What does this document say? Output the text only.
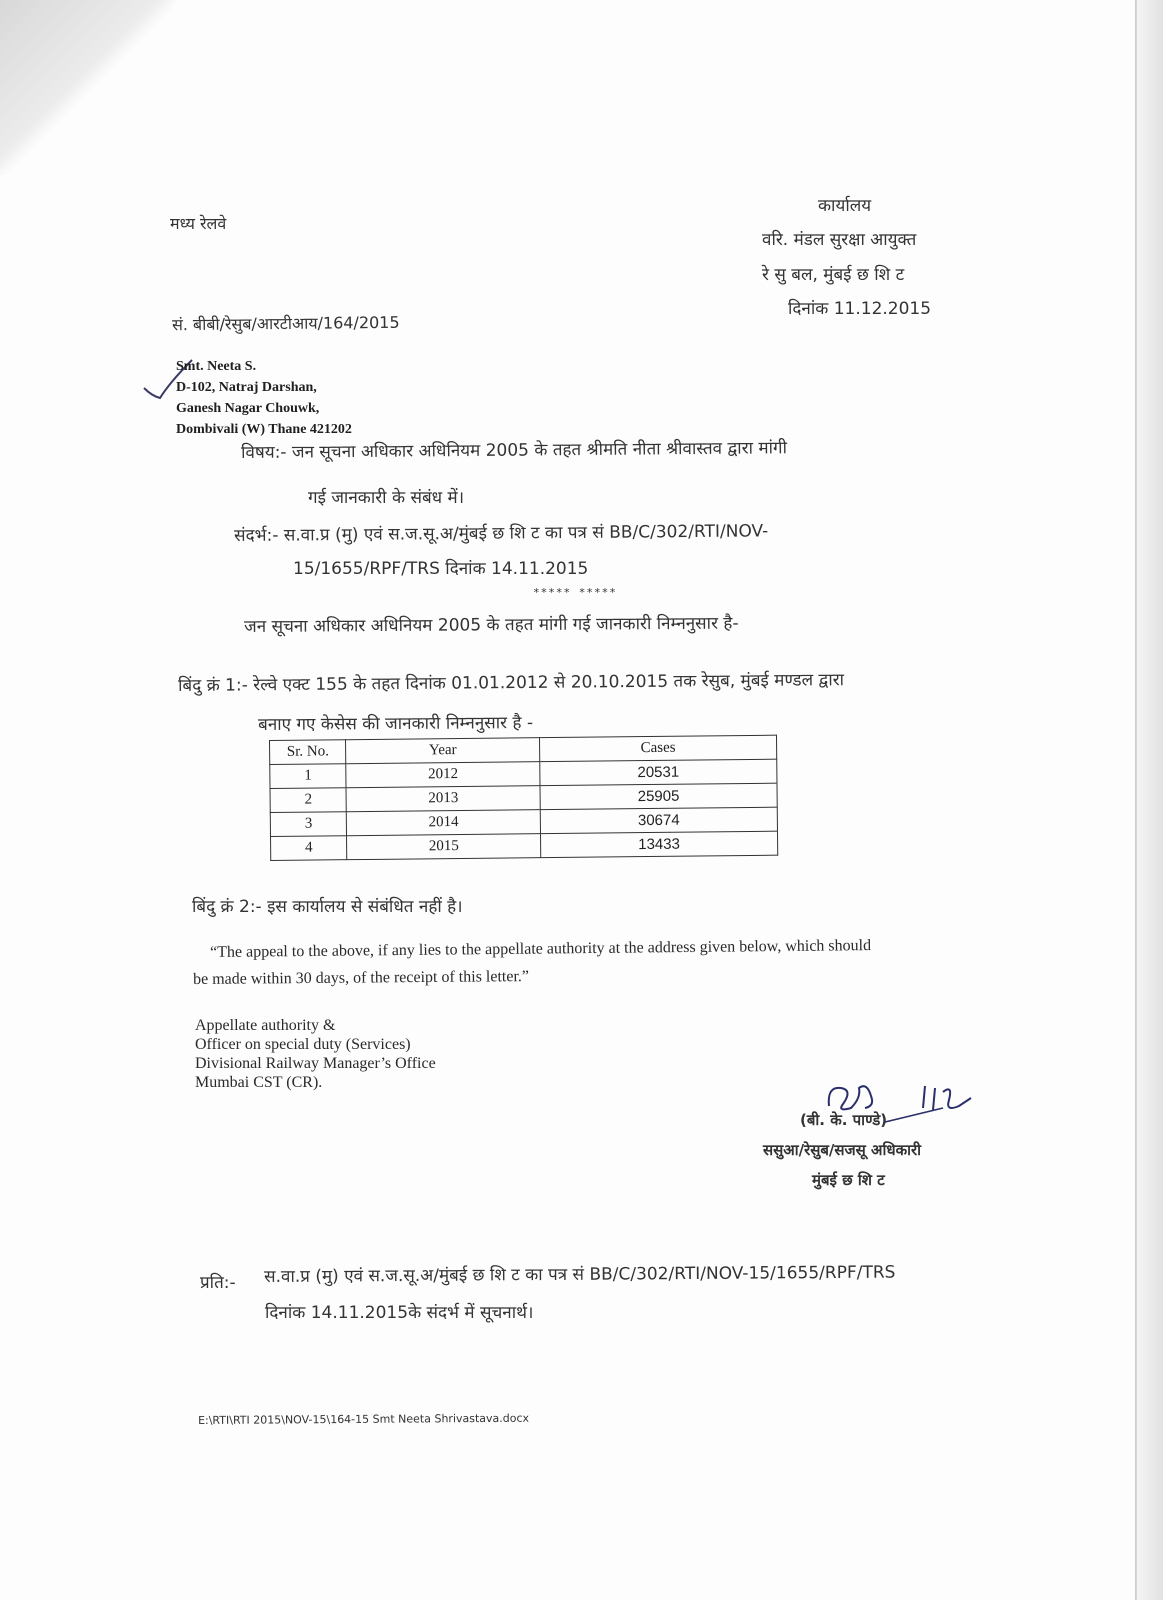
मध्य रेलवे
कार्यालय
वरि. मंडल सुरक्षा आयुक्त
रे सु बल, मुंबई छ शि ट
दिनांक 11.12.2015
सं. बीबी/रेसुब/आरटीआय/164/2015
Smt. Neeta S.
D-102, Natraj Darshan,
Ganesh Nagar Chouwk,
Dombivali (W) Thane 421202
विषय:- जन सूचना अधिकार अधिनियम 2005 के तहत श्रीमति नीता श्रीवास्तव द्वारा मांगी
गई जानकारी के संबंध में।
संदर्भ:- स.वा.प्र (मु) एवं स.ज.सू.अ/मुंबई छ शि ट का पत्र सं BB/C/302/RTI/NOV-
15/1655/RPF/TRS दिनांक 14.11.2015
***** *****
जन सूचना अधिकार अधिनियम 2005 के तहत मांगी गई जानकारी निम्ननुसार है-
बिंदु क्रं 1:- रेल्वे एक्ट 155 के तहत दिनांक 01.01.2012 से 20.10.2015 तक रेसुब, मुंबई मण्डल द्वारा
बनाए गए केसेस की जानकारी निम्ननुसार है -
Sr. No.	Year	Cases
1	2012	20531
2	2013	25905
3	2014	30674
4	2015	13433
बिंदु क्रं 2:- इस कार्यालय से संबंधित नहीं है।
“The appeal to the above, if any lies to the appellate authority at the address given below, which should
be made within 30 days, of the receipt of this letter.”
Appellate authority &
Officer on special duty (Services)
Divisional Railway Manager’s Office
Mumbai CST (CR).
(बी. के. पाण्डे)
ससुआ/रेसुब/सजसू अधिकारी
मुंबई छ शि ट
प्रति:- स.वा.प्र (मु) एवं स.ज.सू.अ/मुंबई छ शि ट का पत्र सं BB/C/302/RTI/NOV-15/1655/RPF/TRS
दिनांक 14.11.2015के संदर्भ में सूचनार्थ।
E:\RTI\RTI 2015\NOV-15\164-15 Smt Neeta Shrivastava.docx
